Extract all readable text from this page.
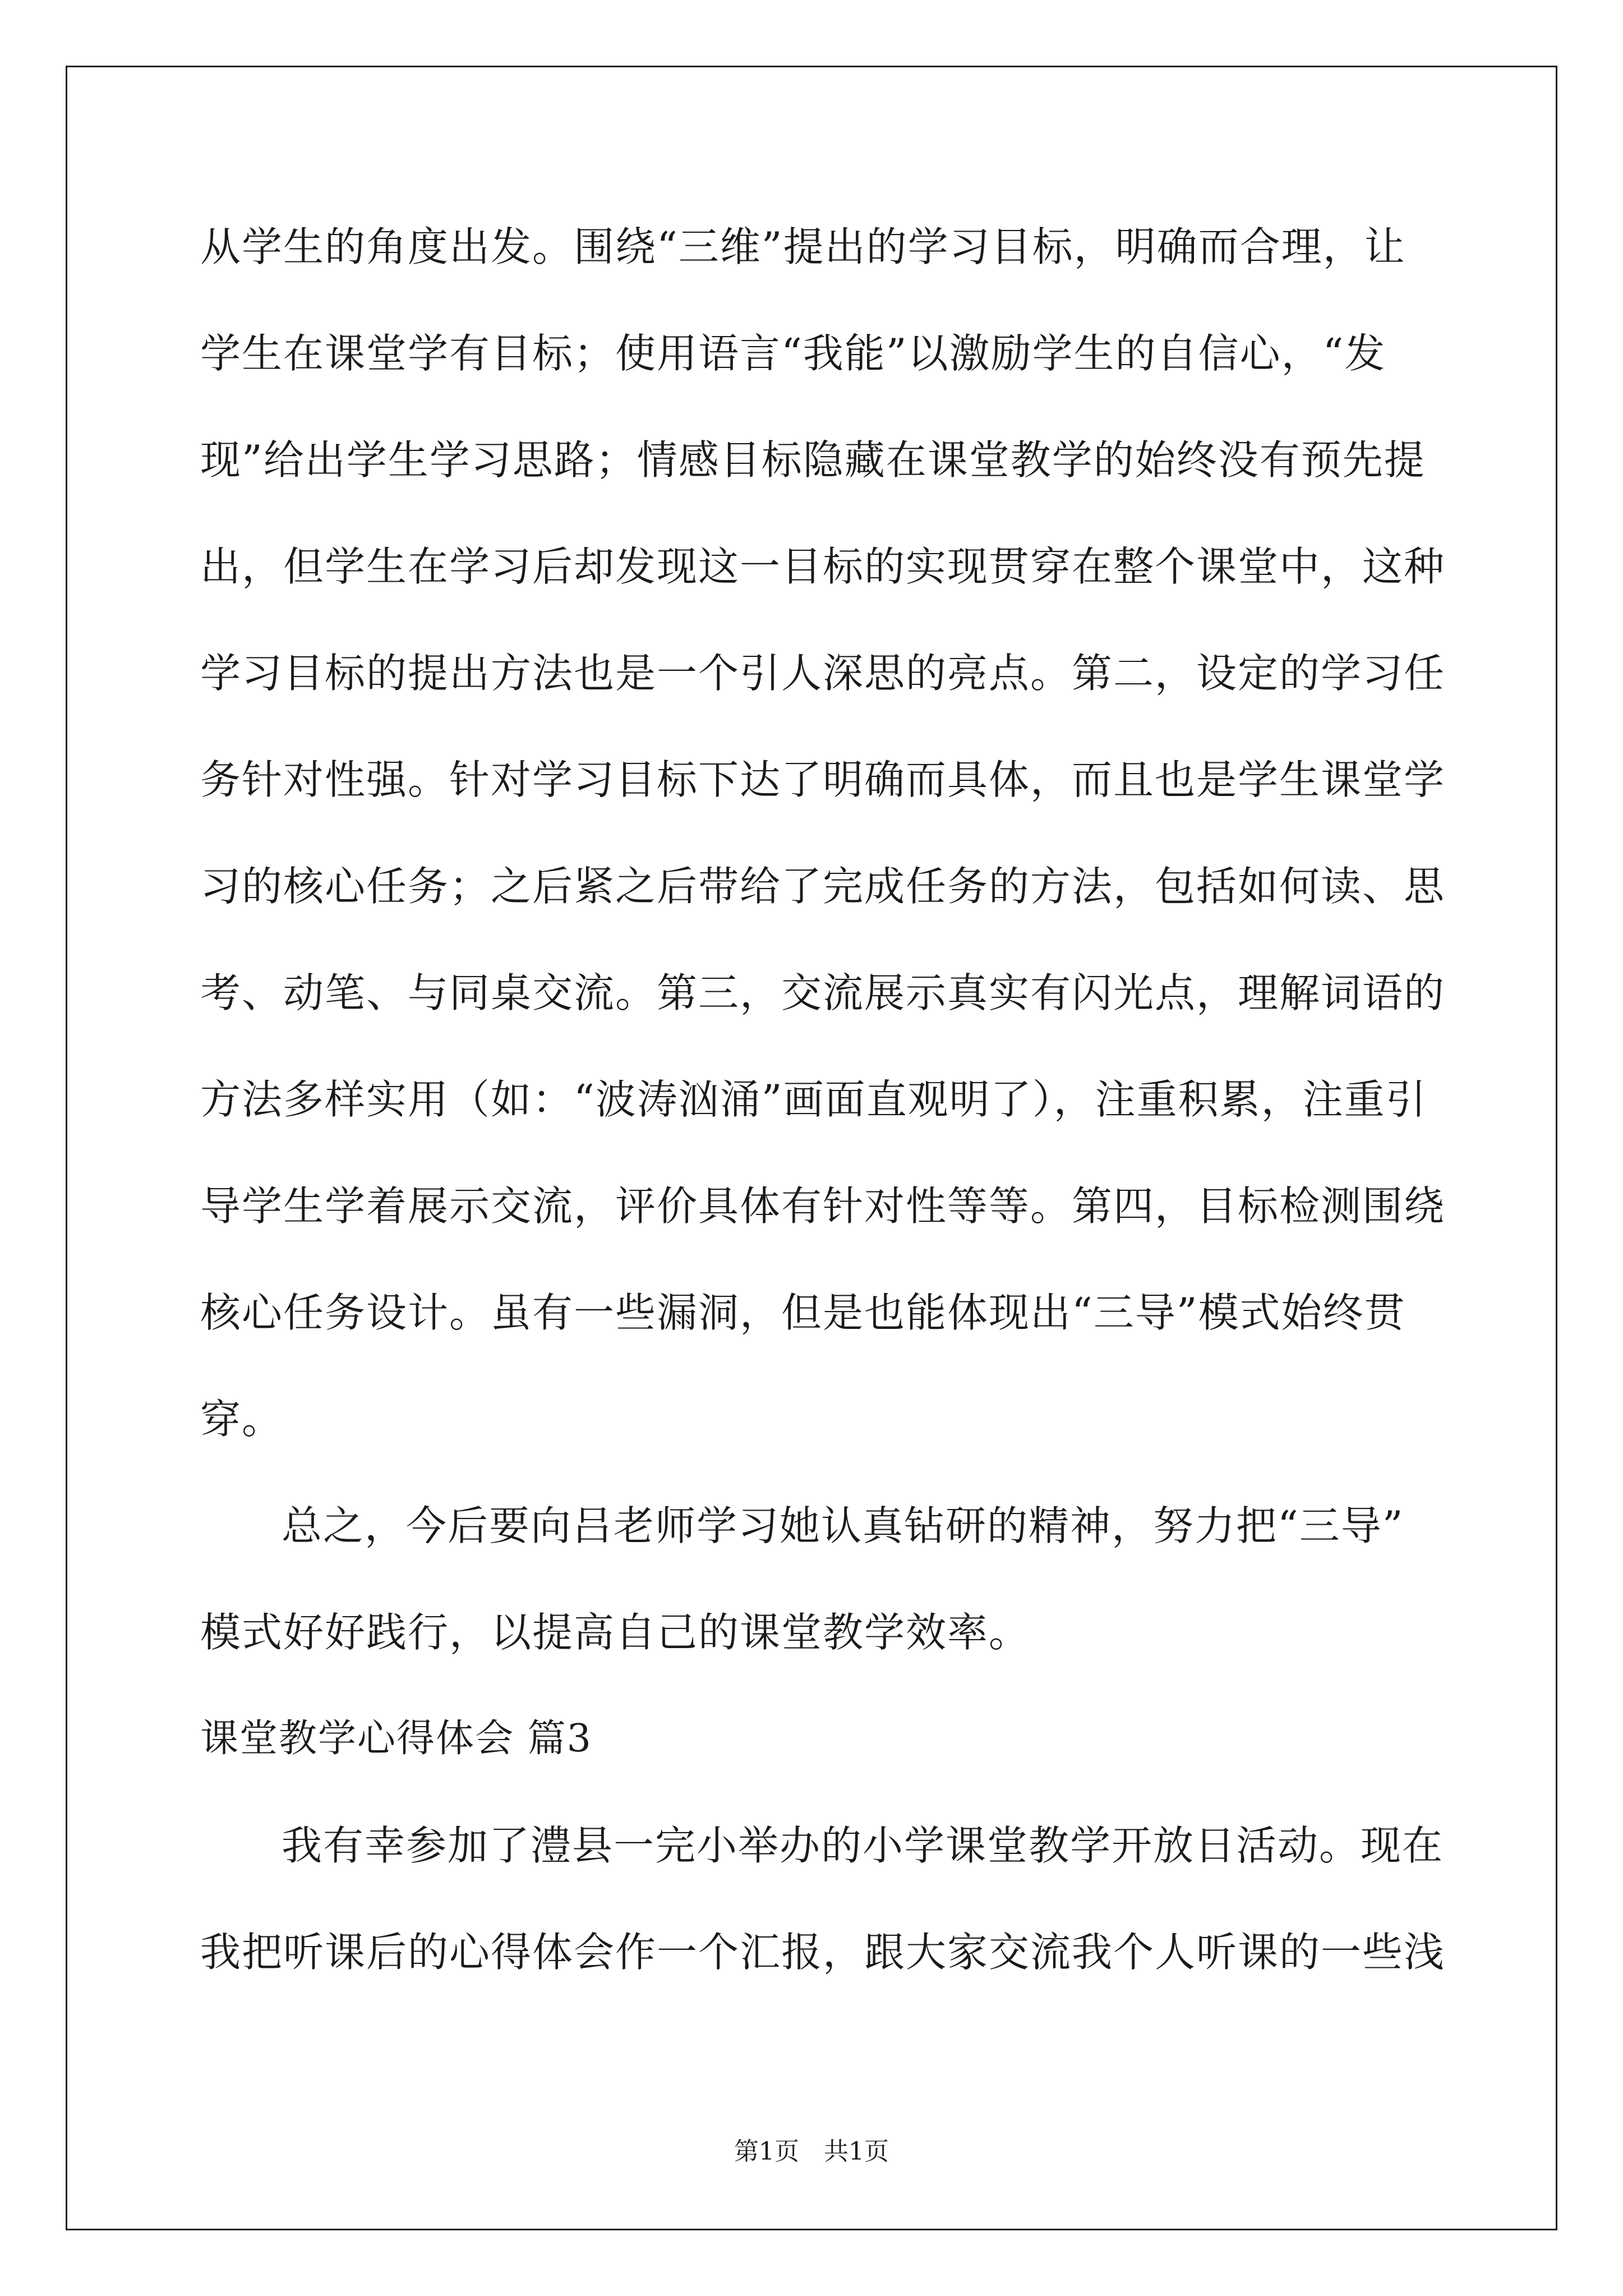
从学生的角度出发。围绕“三维”提出的学习目标，明确而合理，让
学生在课堂学有目标；使用语言“我能”以激励学生的自信心，“发
现”给出学生学习思路；情感目标隐藏在课堂教学的始终没有预先提
出，但学生在学习后却发现这一目标的实现贯穿在整个课堂中，这种
学习目标的提出方法也是一个引人深思的亮点。第二，设定的学习任
务针对性强。针对学习目标下达了明确而具体，而且也是学生课堂学
习的核心任务；之后紧之后带给了完成任务的方法，包括如何读、思
考、动笔、与同桌交流。第三，交流展示真实有闪光点，理解词语的
方法多样实用（如：“波涛汹涌”画面直观明了），注重积累，注重引
导学生学着展示交流，评价具体有针对性等等。第四，目标检测围绕
核心任务设计。虽有一些漏洞，但是也能体现出“三导”模式始终贯
穿。
总之，今后要向吕老师学习她认真钻研的精神，努力把“三导”
模式好好践行，以提高自己的课堂教学效率。
课堂教学心得体会 篇3
我有幸参加了澧县一完小举办的小学课堂教学开放日活动。现在
我把听课后的心得体会作一个汇报，跟大家交流我个人听课的一些浅
第1页　共1页
